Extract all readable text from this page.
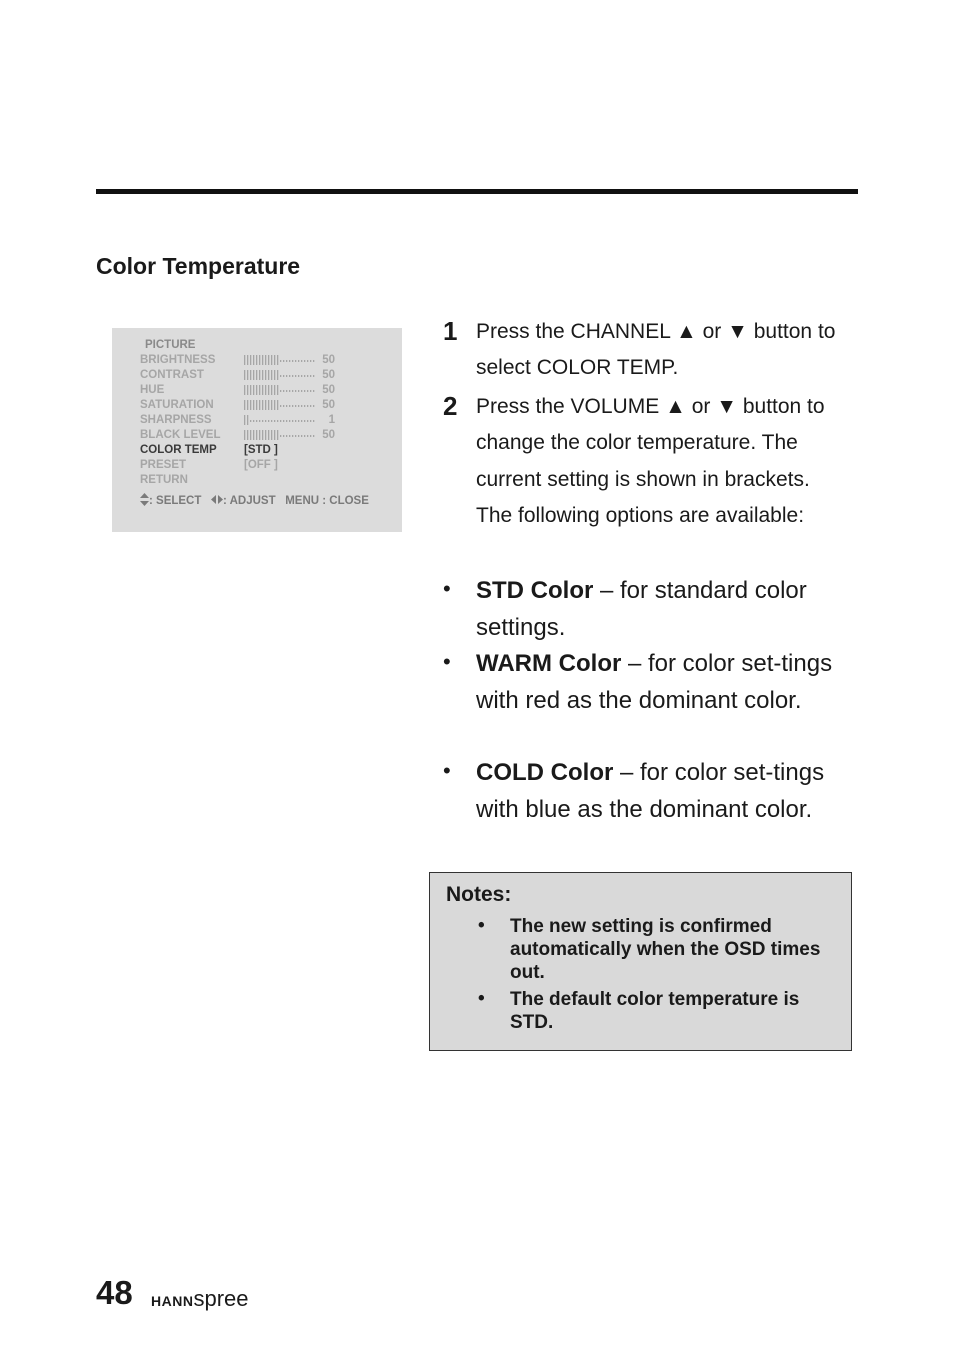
Color Temperature
PICTURE
BRIGHTNESS	50
CONTRAST	50
HUE	50
SATURATION	50
SHARPNESS	1
BLACK LEVEL	50
COLOR TEMP [STD ]
PRESET	[OFF ]
RETURN
: SELECT : ADJUST MENU : CLOSE
1 Press the CHANNEL ▲ or ▼ button to select COLOR TEMP.
2 Press the VOLUME ▲ or ▼ button to change the color temperature. The current setting is shown in brackets. The following options are available:
• STD Color – for standard color settings.
• WARM Color – for color set-tings with red as the dominant color.
• COLD Color – for color set-tings with blue as the dominant color.
Notes:
• The new setting is confirmed automatically when the OSD times out.
• The default color temperature is STD.
48 HANNspree
